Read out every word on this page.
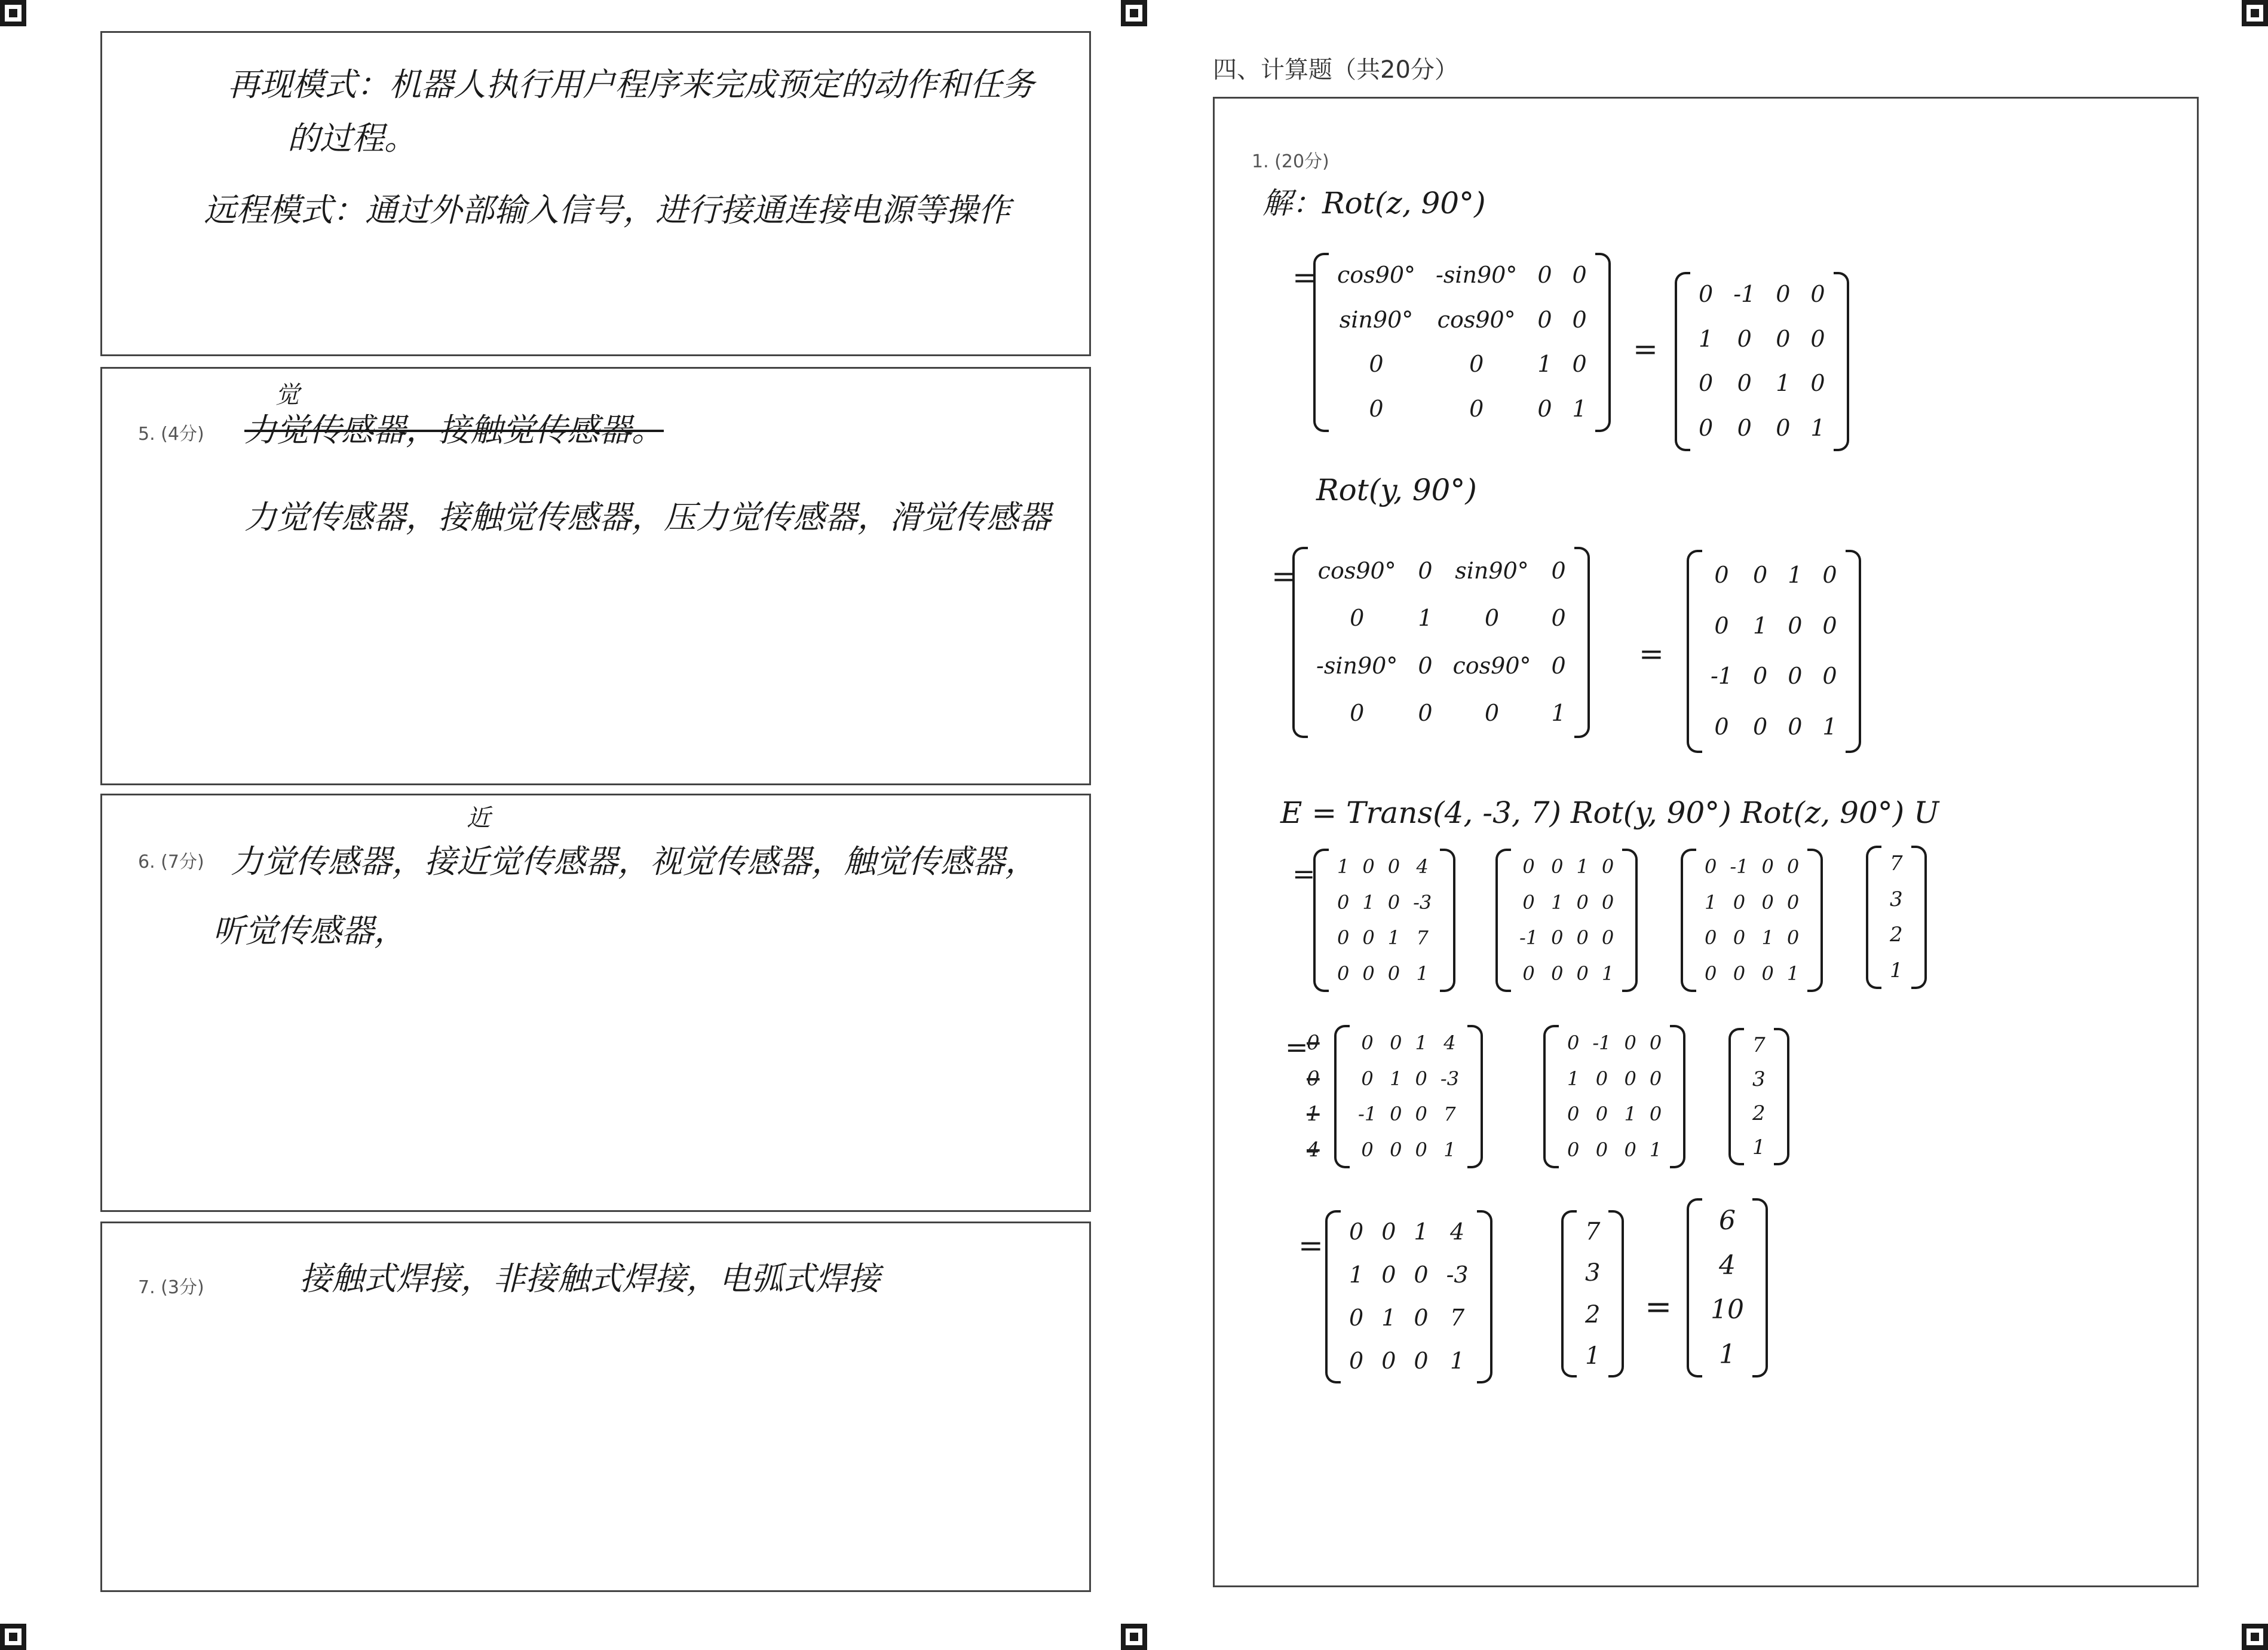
再现模式：机器人执行用户程序来完成预定的动作和任务
的过程。
远程模式：通过外部输入信号，进行接通连接电源等操作
5. (4分)
觉
力觉传感器，接触觉传感器。
力觉传感器，接触觉传感器，压力觉传感器，滑觉传感器
6. (7分)
近
力觉传感器，接近觉传感器，视觉传感器，触觉传感器，
听觉传感器，
7. (3分)	接触式焊接，非接触式焊接，电弧式焊接
四、计算题（共20分）
1. (20分)
解：Rot(z, 90°)
= cos90° -sin90° 0 0
sin90° cos90° 0 0
0	0	1 0
0	0	0 1
=
0 -1 0 0
1 0 0 0
0 0 1 0
0 0 0 1
Rot(y, 90°)
= cos90° 0 sin90° 0
0	1	0	0
-sin90° 0 cos90° 0
0	0	0	1
=
0 0 1 0
0 1 0 0
-1 0 0 0
0 0 0 1
E = Trans(4, -3, 7) Rot(y, 90°) Rot(z, 90°) U
= 1 0 0 4
0 1 0 -3
0 0 1 7
0 0 0 1
0 0 1 0
0 1 0 0
-1 0 0 0
0 0 0 1
0 -1 0 0
1 0 0 0
0 0 1 0
0 0 0 1
7
3
2
1
=
0
0
1
4
0 0 1 4
0 1 0 -3
-1 0 0 7
0 0 0 1
0 -1 0 0
1 0 0 0
0 0 1 0
0 0 0 1
7
3
2
1
= 0 0 1 4
1 0 0 -3
0 1 0 7
0 0 0 1
7
3
2
1
=
6
4
10
1
